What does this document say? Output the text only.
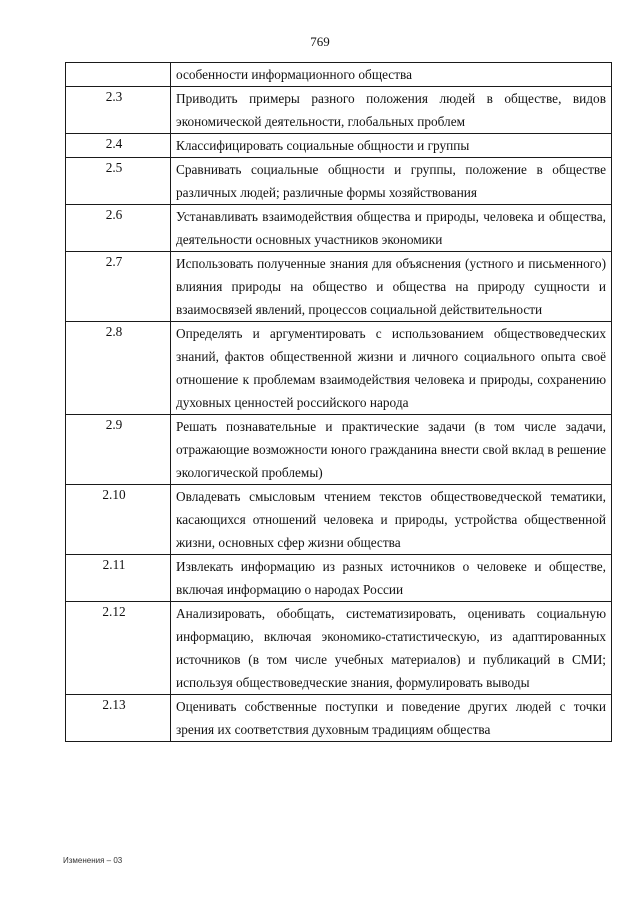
769
	особенности информационного общества
2.3	Приводить примеры разного положения людей в обществе, видов экономической деятельности, глобальных проблем
2.4	Классифицировать социальные общности и группы
2.5	Сравнивать социальные общности и группы, положение в обществе различных людей; различные формы хозяйствования
2.6	Устанавливать взаимодействия общества и природы, человека и общества, деятельности основных участников экономики
2.7	Использовать полученные знания для объяснения (устного и письменного) влияния природы на общество и общества на природу сущности и взаимосвязей явлений, процессов социальной действительности
2.8	Определять и аргументировать с использованием обществоведческих знаний, фактов общественной жизни и личного социального опыта своё отношение к проблемам взаимодействия человека и природы, сохранению духовных ценностей российского народа
2.9	Решать познавательные и практические задачи (в том числе задачи, отражающие возможности юного гражданина внести свой вклад в решение экологической проблемы)
2.10	Овладевать смысловым чтением текстов обществоведческой тематики, касающихся отношений человека и природы, устройства общественной жизни, основных сфер жизни общества
2.11	Извлекать информацию из разных источников о человеке и обществе, включая информацию о народах России
2.12	Анализировать, обобщать, систематизировать, оценивать социальную информацию, включая экономико-статистическую, из адаптированных источников (в том числе учебных материалов) и публикаций в СМИ; используя обществоведческие знания, формулировать выводы
2.13	Оценивать собственные поступки и поведение других людей с точки зрения их соответствия духовным традициям общества
Изменения – 03
